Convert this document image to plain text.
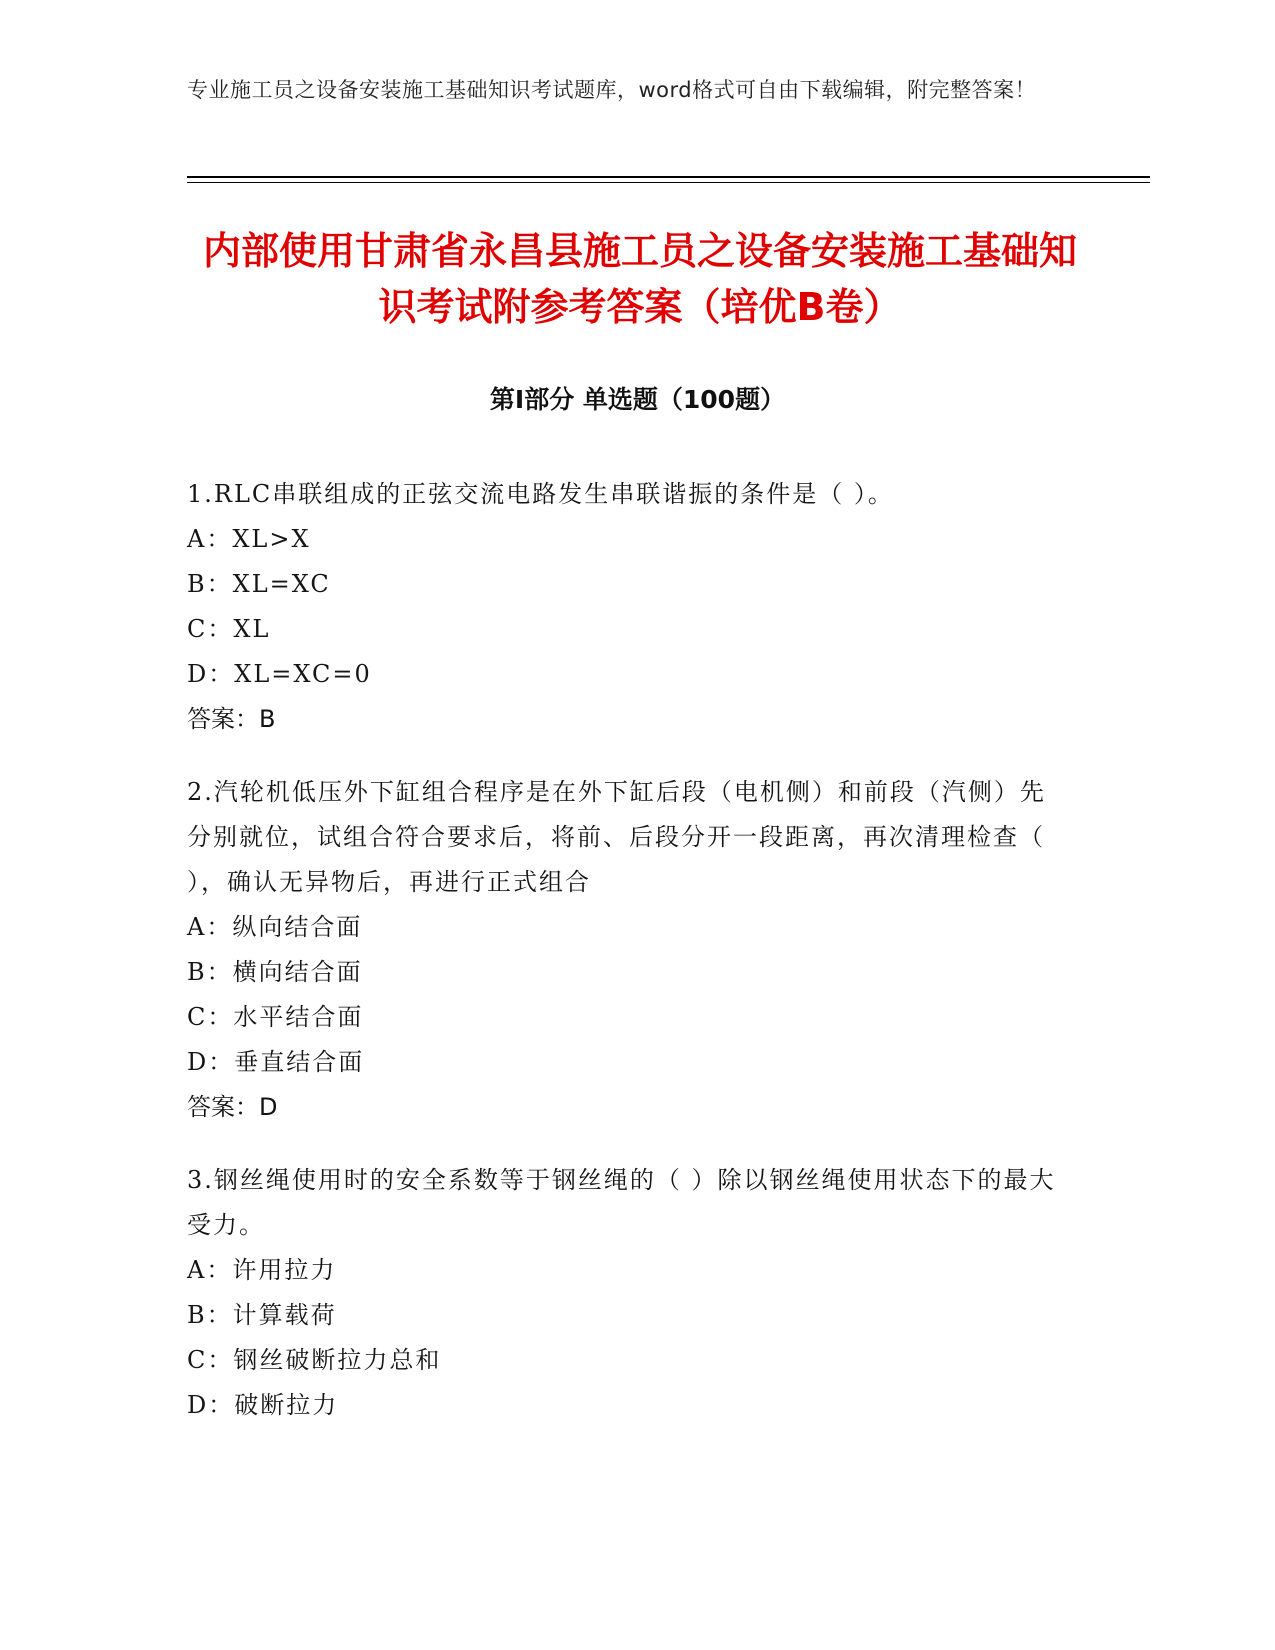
专业施工员之设备安装施工基础知识考试题库，word格式可自由下载编辑，附完整答案！
内部使用甘肃省永昌县施工员之设备安装施工基础知识考试附参考答案（培优B卷）
第I部分 单选题（100题）

1.RLC串联组成的正弦交流电路发生串联谐振的条件是（ ）。

A：XL>X

B：XL=XC

C：XL

D：XL=XC=0

答案：B

2.汽轮机低压外下缸组合程序是在外下缸后段（电机侧）和前段（汽侧）先分别就位，试组合符合要求后，将前、后段分开一段距离，再次清理检查（ ），确认无异物后，再进行正式组合

A：纵向结合面

B：横向结合面

C：水平结合面

D：垂直结合面

答案：D

3.钢丝绳使用时的安全系数等于钢丝绳的（ ）除以钢丝绳使用状态下的最大受力。

A：许用拉力

B：计算载荷

C：钢丝破断拉力总和

D：破断拉力
